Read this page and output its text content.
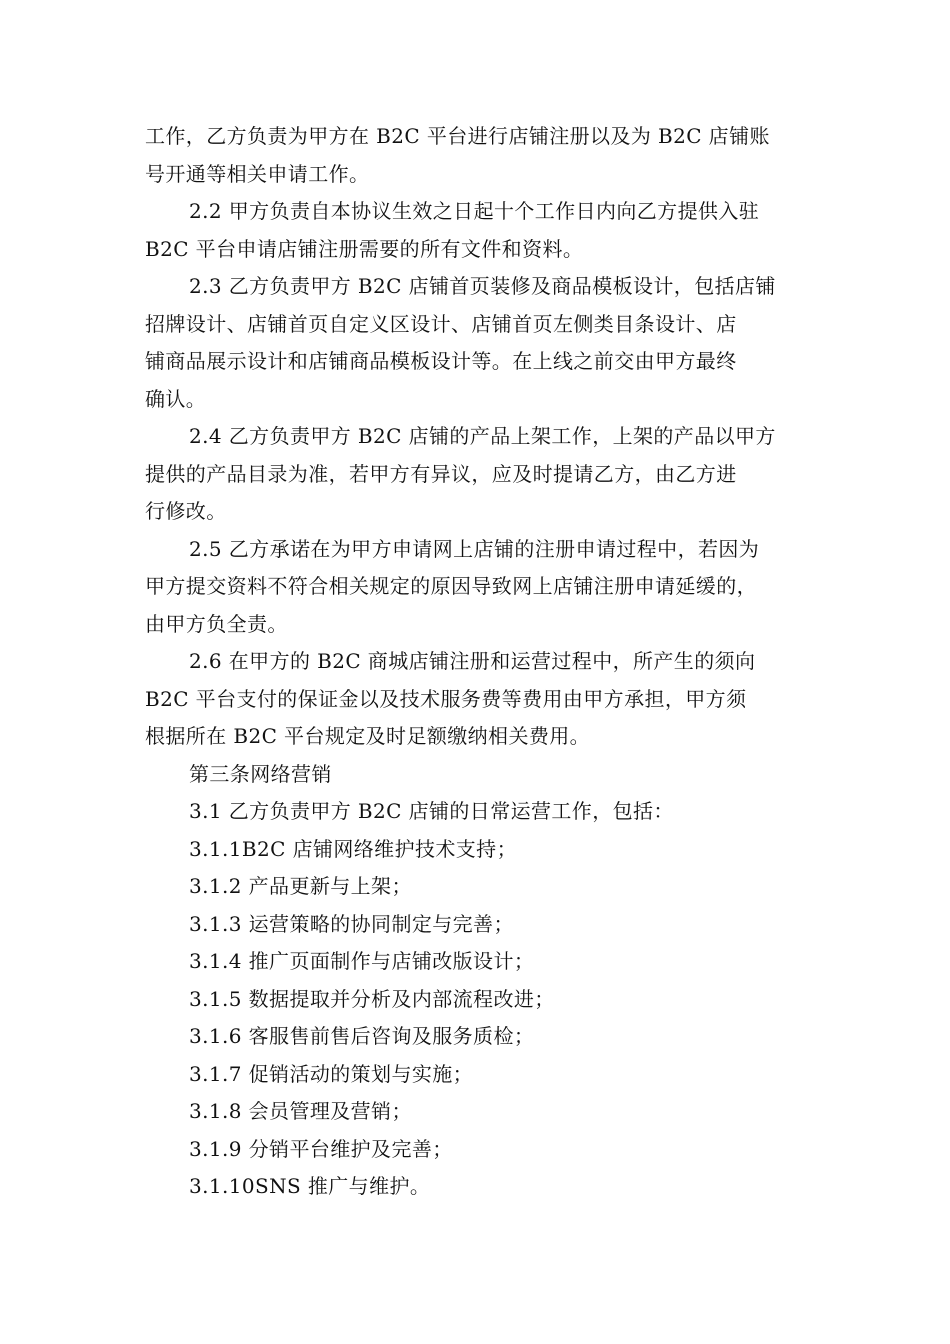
工作，乙方负责为甲方在 B2C 平台进行店铺注册以及为 B2C 店铺账
号开通等相关申请工作。
2.2 甲方负责自本协议生效之日起十个工作日内向乙方提供入驻
B2C 平台申请店铺注册需要的所有文件和资料。
2.3 乙方负责甲方 B2C 店铺首页装修及商品模板设计，包括店铺
招牌设计、店铺首页自定义区设计、店铺首页左侧类目条设计、店
铺商品展示设计和店铺商品模板设计等。在上线之前交由甲方最终
确认。
2.4 乙方负责甲方 B2C 店铺的产品上架工作，上架的产品以甲方
提供的产品目录为准，若甲方有异议，应及时提请乙方，由乙方进
行修改。
2.5 乙方承诺在为甲方申请网上店铺的注册申请过程中，若因为
甲方提交资料不符合相关规定的原因导致网上店铺注册申请延缓的，
由甲方负全责。
2.6 在甲方的 B2C 商城店铺注册和运营过程中，所产生的须向
B2C 平台支付的保证金以及技术服务费等费用由甲方承担，甲方须
根据所在 B2C 平台规定及时足额缴纳相关费用。
第三条网络营销
3.1 乙方负责甲方 B2C 店铺的日常运营工作，包括：
3.1.1B2C 店铺网络维护技术支持；
3.1.2 产品更新与上架；
3.1.3 运营策略的协同制定与完善；
3.1.4 推广页面制作与店铺改版设计；
3.1.5 数据提取并分析及内部流程改进；
3.1.6 客服售前售后咨询及服务质检；
3.1.7 促销活动的策划与实施；
3.1.8 会员管理及营销；
3.1.9 分销平台维护及完善；
3.1.10SNS 推广与维护。
